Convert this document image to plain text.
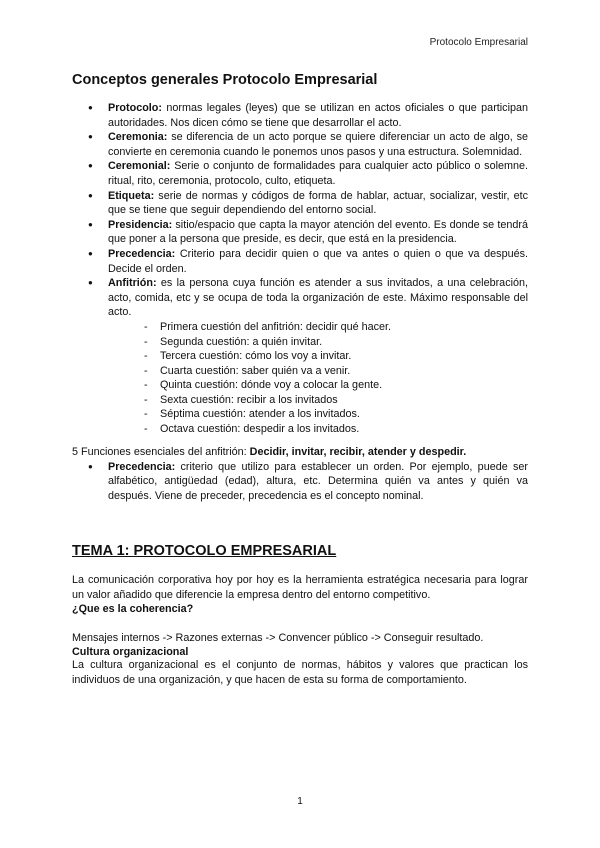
Protocolo Empresarial
Conceptos generales Protocolo Empresarial
● Protocolo: normas legales (leyes) que se utilizan en actos oficiales o que participan autoridades. Nos dicen cómo se tiene que desarrollar el acto.
● Ceremonia: se diferencia de un acto porque se quiere diferenciar un acto de algo, se convierte en ceremonia cuando le ponemos unos pasos y una estructura. Solemnidad.
● Ceremonial: Serie o conjunto de formalidades para cualquier acto público o solemne. ritual, rito, ceremonia, protocolo, culto, etiqueta.
● Etiqueta: serie de normas y códigos de forma de hablar, actuar, socializar, vestir, etc que se tiene que seguir dependiendo del entorno social.
● Presidencia: sitio/espacio que capta la mayor atención del evento. Es donde se tendrá que poner a la persona que preside, es decir, que está en la presidencia.
● Precedencia: Criterio para decidir quien o que va antes o quien o que va después. Decide el orden.
● Anfitrión: es la persona cuya función es atender a sus invitados, a una celebración, acto, comida, etc y se ocupa de toda la organización de este. Máximo responsable del acto.
- Primera cuestión del anfitrión: decidir qué hacer.
- Segunda cuestión: a quién invitar.
- Tercera cuestión: cómo los voy a invitar.
- Cuarta cuestión: saber quién va a venir.
- Quinta cuestión: dónde voy a colocar la gente.
- Sexta cuestión: recibir a los invitados
- Séptima cuestión: atender a los invitados.
- Octava cuestión: despedir a los invitados.

5 Funciones esenciales del anfitrión: Decidir, invitar, recibir, atender y despedir.

● Precedencia: criterio que utilizo para establecer un orden. Por ejemplo, puede ser alfabético, antigüedad (edad), altura, etc. Determina quién va antes y quién va después. Viene de preceder, precedencia es el concepto nominal.
TEMA 1: PROTOCOLO EMPRESARIAL

La comunicación corporativa hoy por hoy es la herramienta estratégica necesaria para lograr un valor añadido que diferencie la empresa dentro del entorno competitivo.

¿Que es la coherencia?

Mensajes internos -> Razones externas -> Convencer público -> Conseguir resultado.

Cultura organizacional

La cultura organizacional es el conjunto de normas, hábitos y valores que practican los individuos de una organización, y que hacen de esta su forma de comportamiento.

1
